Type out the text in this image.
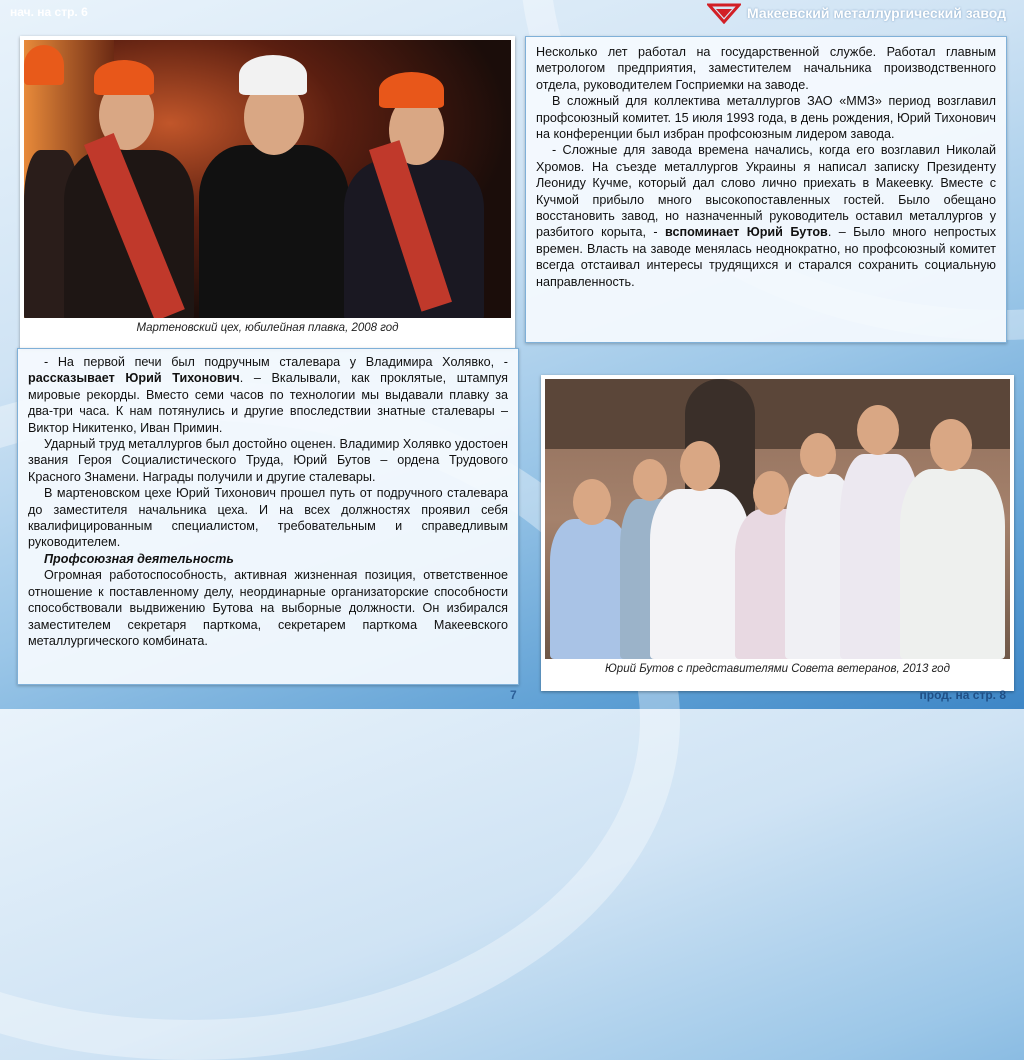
нач. на стр. 6	Макеевский металлургический завод
Мартеновский цех, юбилейная плавка, 2008 год

Несколько лет работал на государственной службе. Работал главным метрологом предприятия, заместителем начальника производственного отдела, руководителем Госприемки на заводе.

В сложный для коллектива металлургов ЗАО «ММЗ» период возглавил профсоюзный комитет. 15 июля 1993 года, в день рождения, Юрий Тихонович на конференции был избран профсоюзным лидером завода.

- Сложные для завода времена начались, когда его возглавил Николай Хромов. На съезде металлургов Украины я написал записку Президенту Леониду Кучме, который дал слово лично приехать в Макеевку. Вместе с Кучмой прибыло много высокопоставленных гостей. Было обещано восстановить завод, но назначенный руководитель оставил металлургов у разбитого корыта, - вспоминает Юрий Бутов. – Было много непростых времен. Власть на заводе менялась неоднократно, но профсоюзный комитет всегда отстаивал интересы трудящихся и старался сохранить социальную направленность.

- На первой печи был подручным сталевара у Владимира Холявко, - рассказывает Юрий Тихонович. – Вкалывали, как проклятые, штампуя мировые рекорды. Вместо семи часов по технологии мы выдавали плавку за два-три часа. К нам потянулись и другие впоследствии знатные сталевары – Виктор Никитенко, Иван Примин.

Ударный труд металлургов был достойно оценен. Владимир Холявко удостоен звания Героя Социалистического Труда, Юрий Бутов – ордена Трудового Красного Знамени. Награды получили и другие сталевары.

В мартеновском цехе Юрий Тихонович прошел путь от подручного сталевара до заместителя начальника цеха. И на всех должностях проявил себя квалифицированным специалистом, требовательным и справедливым руководителем.

Профсоюзная деятельность

Огромная работоспособность, активная жизненная позиция, ответственное отношение к поставленному делу, неординарные организаторские способности способствовали выдвижению Бутова на выборные должности. Он избирался заместителем секретаря парткома, секретарем парткома Макеевского металлургического комбината.

Юрий Бутов с представителями Совета ветеранов, 2013 год
7	прод. на стр. 8
